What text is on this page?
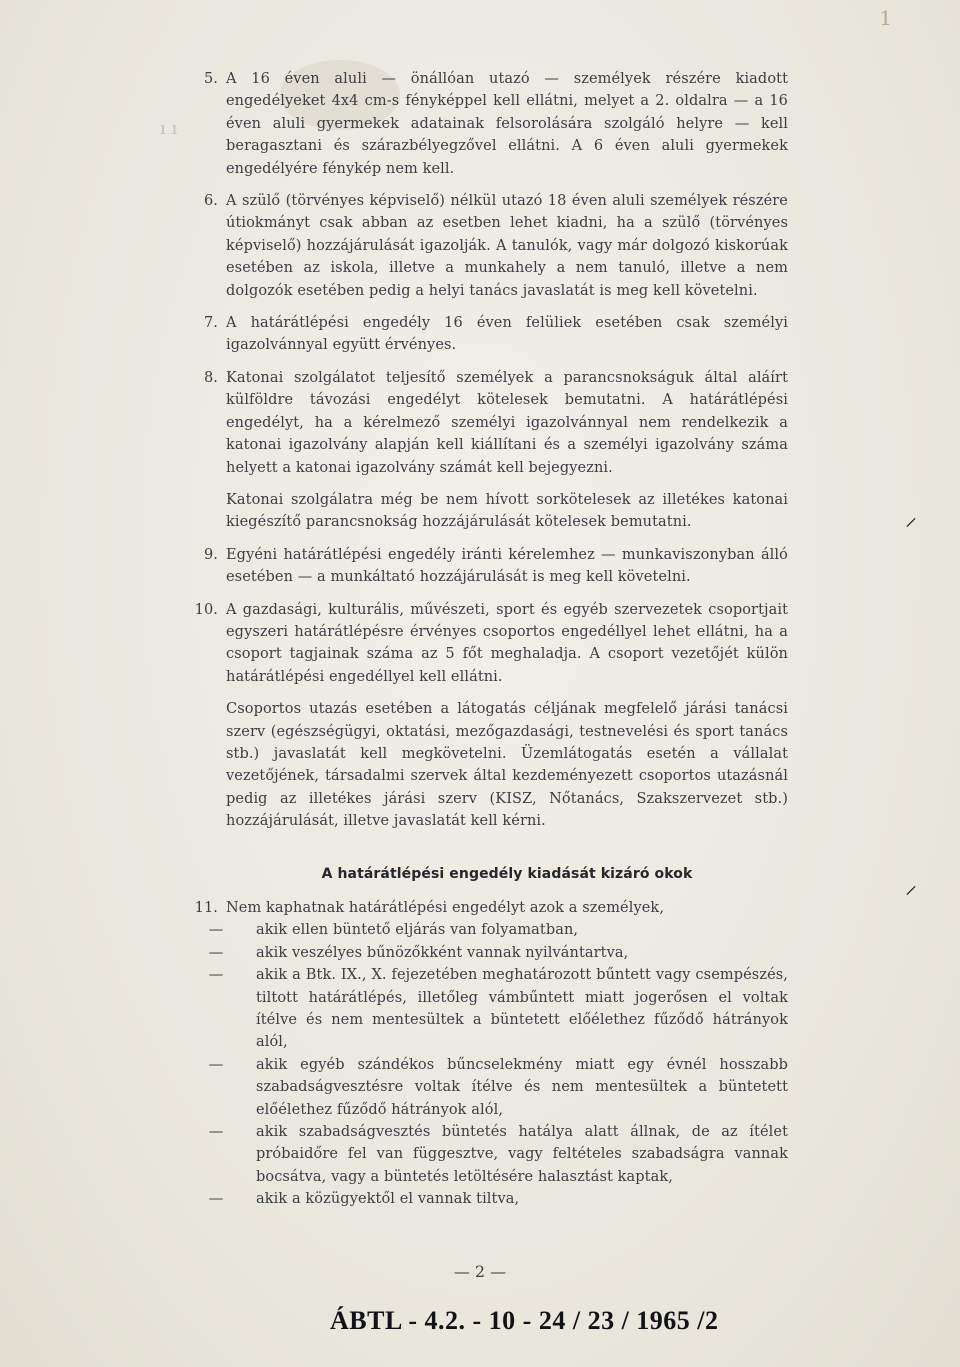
1
ı ı
⸝
⸝
5. A 16 éven aluli — önállóan utazó — személyek részére kiadott engedélyeket 4x4 cm-s fényképpel kell ellátni, melyet a 2. oldalra — a 16 éven aluli gyermekek adatainak felsorolására szolgáló helyre — kell beragasztani és szárazbélyegzővel ellátni. A 6 éven aluli gyermekek engedélyére fénykép nem kell.
6. A szülő (törvényes képviselő) nélkül utazó 18 éven aluli személyek részére útiokmányt csak abban az esetben lehet kiadni, ha a szülő (törvényes képviselő) hozzájárulását igazolják. A tanulók, vagy már dolgozó kiskorúak esetében az iskola, illetve a munkahely a nem tanuló, illetve a nem dolgozók esetében pedig a helyi tanács javaslatát is meg kell követelni.
7. A határátlépési engedély 16 éven felüliek esetében csak személyi igazolvánnyal együtt érvényes.
8. Katonai szolgálatot teljesítő személyek a parancsnokságuk által aláírt külföldre távozási engedélyt kötelesek bemutatni. A határátlépési engedélyt, ha a kérelmező személyi igazolvánnyal nem rendelkezik a katonai igazolvány alapján kell kiállítani és a személyi igazolvány száma helyett a katonai igazolvány számát kell bejegyezni.
Katonai szolgálatra még be nem hívott sorkötelesek az illetékes katonai kiegészítő parancsnokság hozzájárulását kötelesek bemutatni.
9. Egyéni határátlépési engedély iránti kérelemhez — munkaviszonyban álló esetében — a munkáltató hozzájárulását is meg kell követelni.
10. A gazdasági, kulturális, művészeti, sport és egyéb szervezetek csoportjait egyszeri határátlépésre érvényes csoportos engedéllyel lehet ellátni, ha a csoport tagjainak száma az 5 főt meghaladja. A csoport vezetőjét külön határátlépési engedéllyel kell ellátni.
Csoportos utazás esetében a látogatás céljának megfelelő járási tanácsi szerv (egészségügyi, oktatási, mezőgazdasági, testnevelési és sport tanács stb.) javaslatát kell megkövetelni. Üzemlátogatás esetén a vállalat vezetőjének, társadalmi szervek által kezdeményezett csoportos utazásnál pedig az illetékes járási szerv (KISZ, Nőtanács, Szakszervezet stb.) hozzájárulását, illetve javaslatát kell kérni.
A határátlépési engedély kiadását kizáró okok
11. Nem kaphatnak határátlépési engedélyt azok a személyek,
—	akik ellen büntető eljárás van folyamatban,
—	akik veszélyes bűnözőkként vannak nyilvántartva,
—	akik a Btk. IX., X. fejezetében meghatározott bűntett vagy csempészés, tiltott határátlépés, illetőleg vámbűntett miatt jogerősen el voltak ítélve és nem mentesültek a büntetett előélethez fűződő hátrányok alól,
—	akik egyéb szándékos bűncselekmény miatt egy évnél hosszabb szabadságvesztésre voltak ítélve és nem mentesültek a büntetett előélethez fűződő hátrányok alól,
—	akik szabadságvesztés büntetés hatálya alatt állnak, de az ítélet próbaidőre fel van függesztve, vagy feltételes szabadságra vannak bocsátva, vagy a büntetés letöltésére halasztást kaptak,
—	akik a közügyektől el vannak tiltva,
— 2 —
ÁBTL - 4.2. - 10 - 24 / 23 / 1965 /2
